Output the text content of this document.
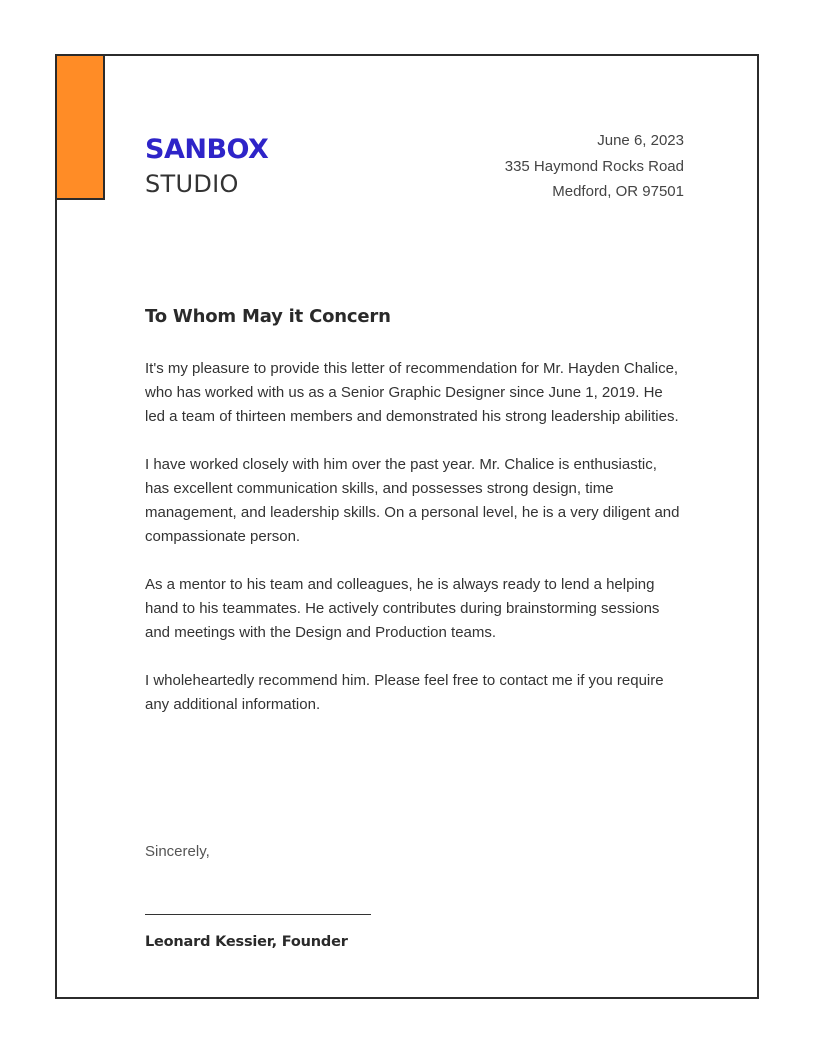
SANBOX
STUDIO
June 6, 2023
335 Haymond Rocks Road
Medford, OR 97501
To Whom May it Concern

It's my pleasure to provide this letter of recommendation for Mr. Hayden Chalice, who has worked with us as a Senior Graphic Designer since June 1, 2019. He led a team of thirteen members and demonstrated his strong leadership abilities.

I have worked closely with him over the past year. Mr. Chalice is enthusiastic, has excellent communication skills, and possesses strong design, time management, and leadership skills. On a personal level, he is a very diligent and compassionate person.

As a mentor to his team and colleagues, he is always ready to lend a helping hand to his teammates. He actively contributes during brainstorming sessions and meetings with the Design and Production teams.

I wholeheartedly recommend him. Please feel free to contact me if you require any additional information.

Sincerely,
Leonard Kessier, Founder
